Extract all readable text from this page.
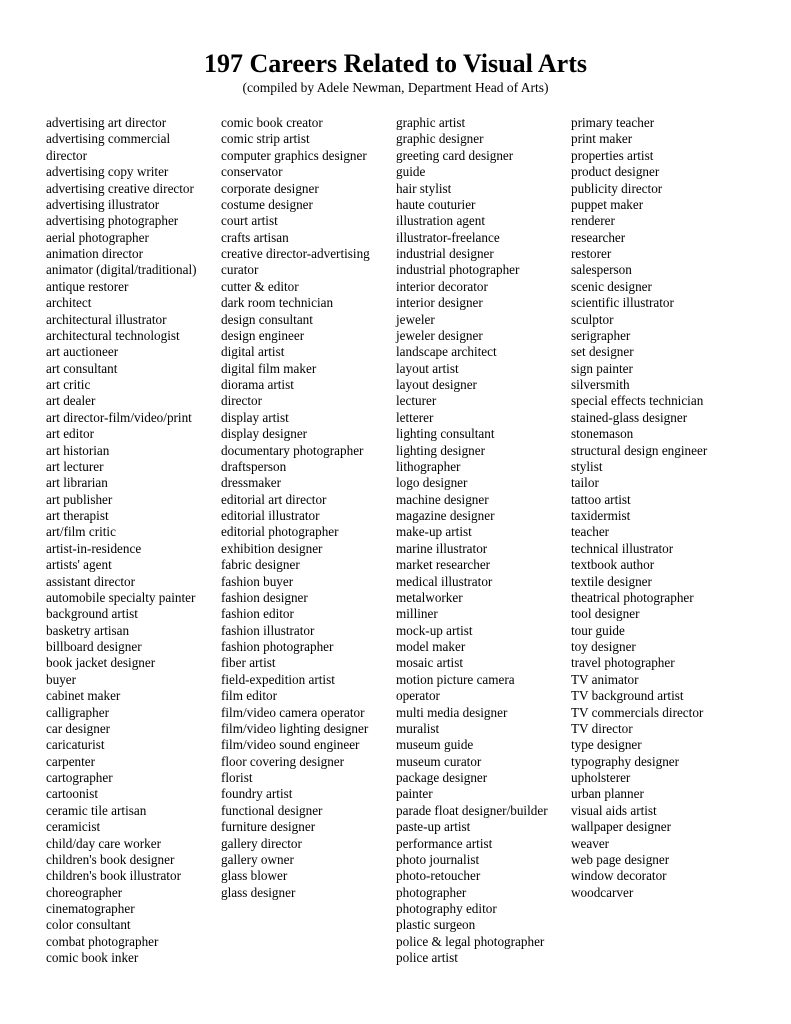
197 Careers Related to Visual Arts
(compiled by Adele Newman, Department Head of Arts)
advertising art director
advertising commercial
director
advertising copy writer
advertising creative director
advertising illustrator
advertising photographer
aerial photographer
animation director
animator (digital/traditional)
antique restorer
architect
architectural illustrator
architectural technologist
art auctioneer
art consultant
art critic
art dealer
art director-film/video/print
art editor
art historian
art lecturer
art librarian
art publisher
art therapist
art/film critic
artist-in-residence
artists' agent
assistant director
automobile specialty painter
background artist
basketry artisan
billboard designer
book jacket designer
buyer
cabinet maker
calligrapher
car designer
caricaturist
carpenter
cartographer
cartoonist
ceramic tile artisan
ceramicist
child/day care worker
children's book designer
children's book illustrator
choreographer
cinematographer
color consultant
combat photographer
comic book inker
comic book creator
comic strip artist
computer graphics designer
conservator
corporate designer
costume designer
court artist
crafts artisan
creative director-advertising
curator
cutter & editor
dark room technician
design consultant
design engineer
digital artist
digital film maker
diorama artist
director
display artist
display designer
documentary photographer
draftsperson
dressmaker
editorial art director
editorial illustrator
editorial photographer
exhibition designer
fabric designer
fashion buyer
fashion designer
fashion editor
fashion illustrator
fashion photographer
fiber artist
field-expedition artist
film editor
film/video camera operator
film/video lighting designer
film/video sound engineer
floor covering designer
florist
foundry artist
functional designer
furniture designer
gallery director
gallery owner
glass blower
glass designer
graphic artist
graphic designer
greeting card designer
guide
hair stylist
haute couturier
illustration agent
illustrator-freelance
industrial designer
industrial photographer
interior decorator
interior designer
jeweler
jeweler designer
landscape architect
layout artist
layout designer
lecturer
letterer
lighting consultant
lighting designer
lithographer
logo designer
machine designer
magazine designer
make-up artist
marine illustrator
market researcher
medical illustrator
metalworker
milliner
mock-up artist
model maker
mosaic artist
motion picture camera
operator
multi media designer
muralist
museum guide
museum curator
package designer
painter
parade float designer/builder
paste-up artist
performance artist
photo journalist
photo-retoucher
photographer
photography editor
plastic surgeon
police & legal photographer
police artist
primary teacher
print maker
properties artist
product designer
publicity director
puppet maker
renderer
researcher
restorer
salesperson
scenic designer
scientific illustrator
sculptor
serigrapher
set designer
sign painter
silversmith
special effects technician
stained-glass designer
stonemason
structural design engineer
stylist
tailor
tattoo artist
taxidermist
teacher
technical illustrator
textbook author
textile designer
theatrical photographer
tool designer
tour guide
toy designer
travel photographer
TV animator
TV background artist
TV commercials director
TV director
type designer
typography designer
upholsterer
urban planner
visual aids artist
wallpaper designer
weaver
web page designer
window decorator
woodcarver
